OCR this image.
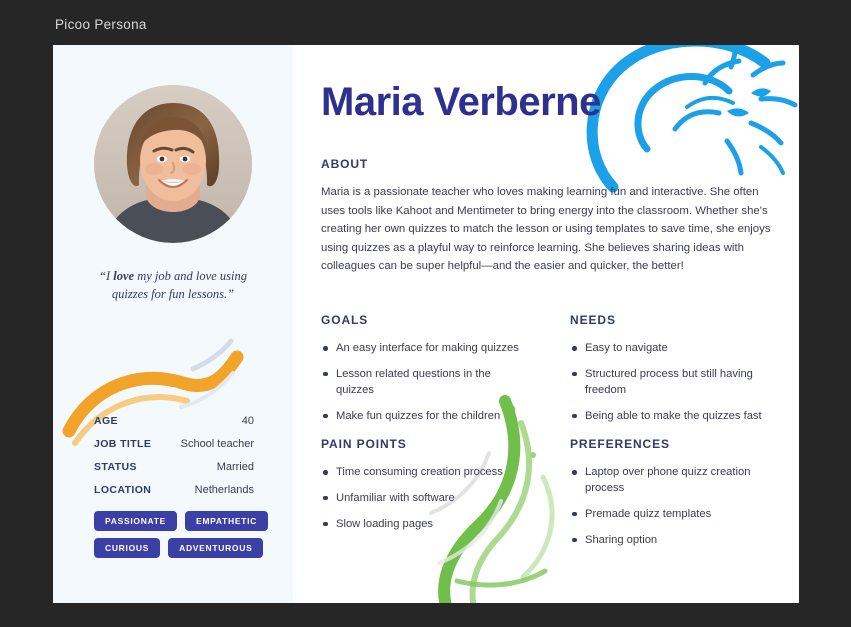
Picoo Persona
“I love my job and love using quizzes for fun lessons.”
AGE	40
JOB TITLE	School teacher
STATUS	Married
LOCATION	Netherlands
PASSIONATE	EMPATHETIC
CURIOUS	ADVENTUROUS
Maria Verberne
ABOUT
Maria is a passionate teacher who loves making learning fun and interactive. She often uses tools like Kahoot and Mentimeter to bring energy into the classroom. Whether she's creating her own quizzes to match the lesson or using templates to save time, she enjoys using quizzes as a playful way to reinforce learning. She believes sharing ideas with colleagues can be super helpful—and the easier and quicker, the better!
GOALS
An easy interface for making quizzes
Lesson related questions in the quizzes
Make fun quizzes for the children
NEEDS
Easy to navigate
Structured process but still having freedom
Being able to make the quizzes fast
PAIN POINTS
Time consuming creation process
Unfamiliar with software
Slow loading pages
PREFERENCES
Laptop over phone quizz creation process
Premade quizz templates
Sharing option
